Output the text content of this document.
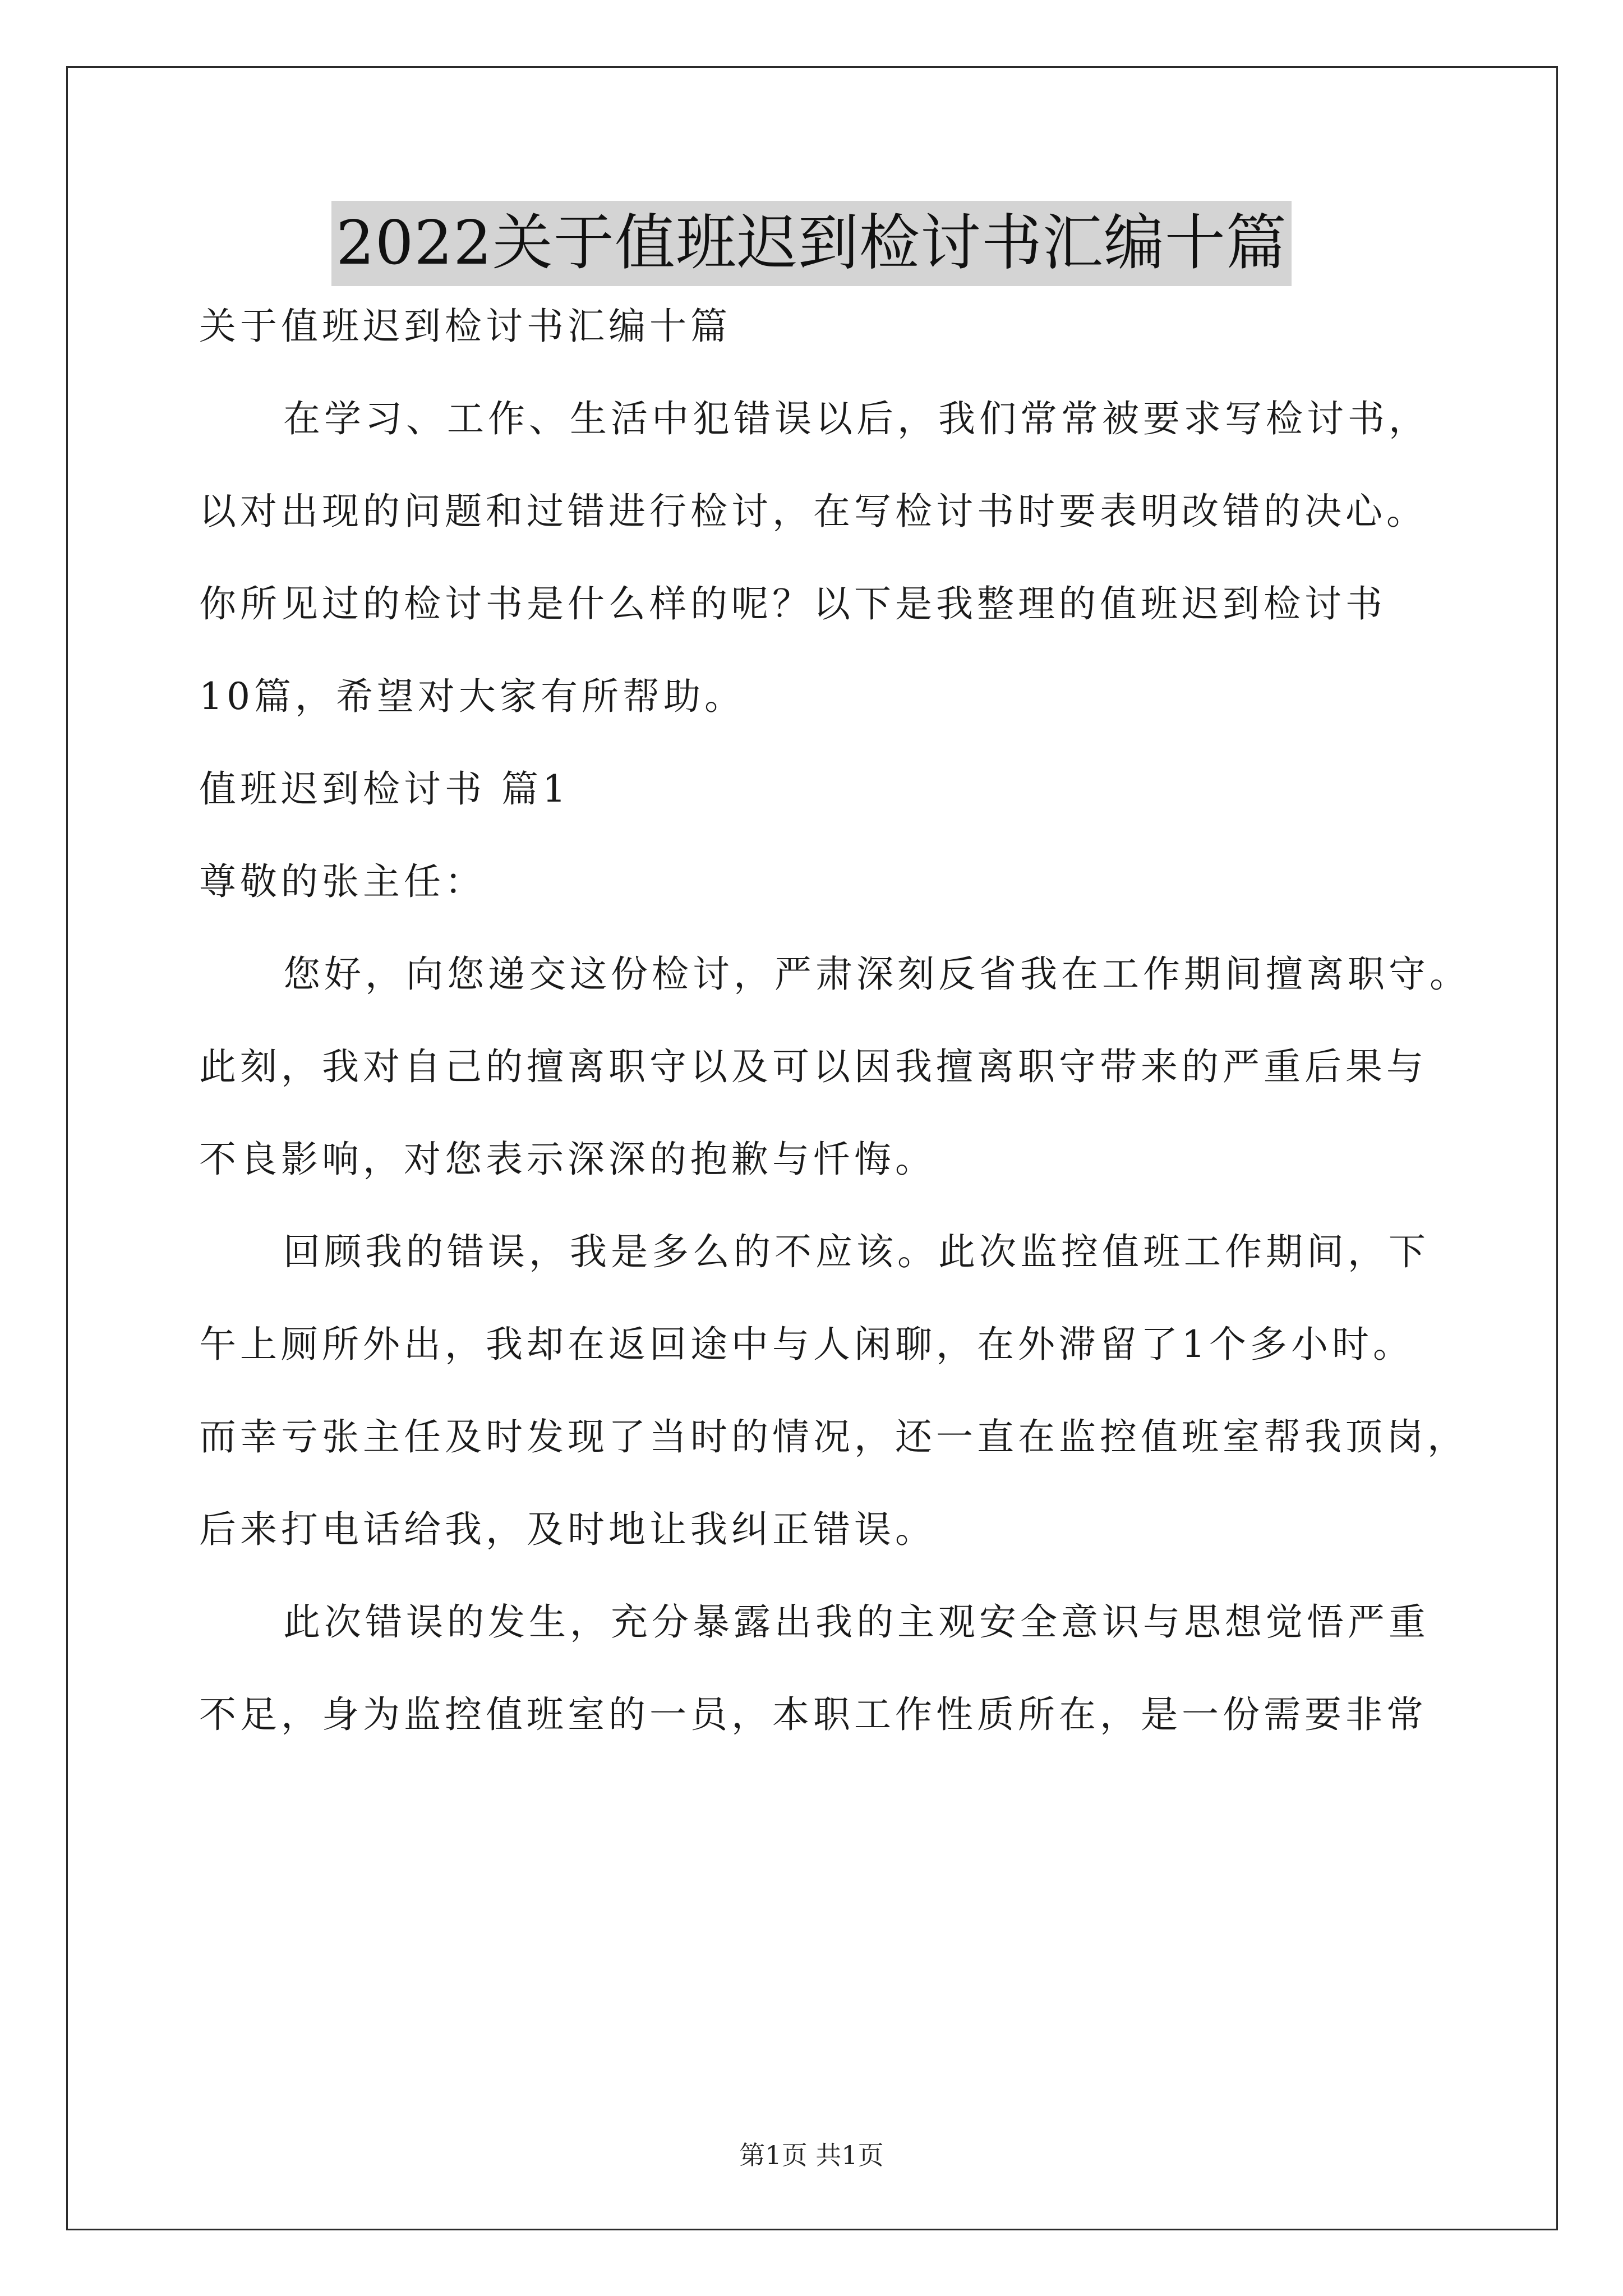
2022关于值班迟到检讨书汇编十篇
关于值班迟到检讨书汇编十篇
在学习、工作、生活中犯错误以后，我们常常被要求写检讨书，
以对出现的问题和过错进行检讨，在写检讨书时要表明改错的决心。
你所见过的检讨书是什么样的呢？以下是我整理的值班迟到检讨书
10篇，希望对大家有所帮助。
值班迟到检讨书 篇1
尊敬的张主任：
您好，向您递交这份检讨，严肃深刻反省我在工作期间擅离职守。
此刻，我对自己的擅离职守以及可以因我擅离职守带来的严重后果与
不良影响，对您表示深深的抱歉与忏悔。
回顾我的错误，我是多么的不应该。此次监控值班工作期间，下
午上厕所外出，我却在返回途中与人闲聊，在外滞留了1个多小时。
而幸亏张主任及时发现了当时的情况，还一直在监控值班室帮我顶岗，
后来打电话给我，及时地让我纠正错误。
此次错误的发生，充分暴露出我的主观安全意识与思想觉悟严重
不足，身为监控值班室的一员，本职工作性质所在，是一份需要非常
第1页 共1页
